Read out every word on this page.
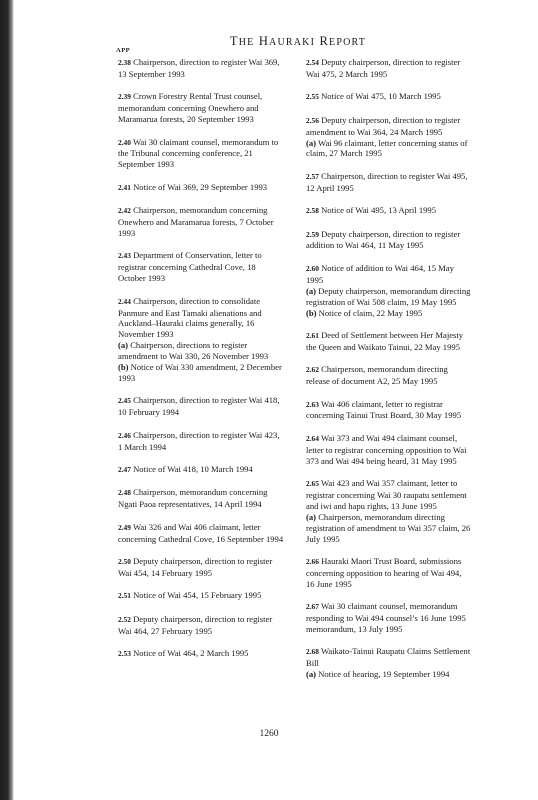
THE HAURAKI REPORT
APP

2.38 Chairperson, direction to register Wai 369, 13 September 1993

2.39 Crown Forestry Rental Trust counsel, memorandum concerning Onewhero and Maramarua forests, 20 September 1993

2.40 Wai 30 claimant counsel, memorandum to the Tribunal concerning conference, 21 September 1993

2.41 Notice of Wai 369, 29 September 1993

2.42 Chairperson, memorandum concerning Onewhero and Maramarua forests, 7 October 1993

2.43 Department of Conservation, letter to registrar concerning Cathedral Cove, 18 October 1993

2.44 Chairperson, direction to consolidate Panmure and East Tamaki alienations and Auckland–Hauraki claims generally, 16 November 1993
(a) Chairperson, directions to register amendment to Wai 330, 26 November 1993
(b) Notice of Wai 330 amendment, 2 December 1993

2.45 Chairperson, direction to register Wai 418, 10 February 1994

2.46 Chairperson, direction to register Wai 423, 1 March 1994

2.47 Notice of Wai 418, 10 March 1994

2.48 Chairperson, memorandum concerning Ngati Paoa representatives, 14 April 1994

2.49 Wai 326 and Wai 406 claimant, letter concerning Cathedral Cove, 16 September 1994

2.50 Deputy chairperson, direction to register Wai 454, 14 February 1995

2.51 Notice of Wai 454, 15 February 1995

2.52 Deputy chairperson, direction to register Wai 464, 27 February 1995

2.53 Notice of Wai 464, 2 March 1995

2.54 Deputy chairperson, direction to register Wai 475, 2 March 1995

2.55 Notice of Wai 475, 10 March 1995

2.56 Deputy chairperson, direction to register amendment to Wai 364, 24 March 1995
(a) Wai 96 claimant, letter concerning status of claim, 27 March 1995

2.57 Chairperson, direction to register Wai 495, 12 April 1995

2.58 Notice of Wai 495, 13 April 1995

2.59 Deputy chairperson, direction to register addition to Wai 464, 11 May 1995

2.60 Notice of addition to Wai 464, 15 May 1995
(a) Deputy chairperson, memorandum directing registration of Wai 508 claim, 19 May 1995
(b) Notice of claim, 22 May 1995

2.61 Deed of Settlement between Her Majesty the Queen and Waikato Tainui, 22 May 1995

2.62 Chairperson, memorandum directing release of document A2, 25 May 1995

2.63 Wai 406 claimant, letter to registrar concerning Tainui Trust Board, 30 May 1995

2.64 Wai 373 and Wai 494 claimant counsel, letter to registrar concerning opposition to Wai 373 and Wai 494 being heard, 31 May 1995

2.65 Wai 423 and Wai 357 claimant, letter to registrar concerning Wai 30 raupatu settlement and iwi and hapu rights, 13 June 1995
(a) Chairperson, memorandum directing registration of amendment to Wai 357 claim, 26 July 1995

2.66 Hauraki Maori Trust Board, submissions concerning opposition to hearing of Wai 494, 16 June 1995

2.67 Wai 30 claimant counsel, memorandum responding to Wai 494 counsel’s 16 June 1995 memorandum, 13 July 1995

2.68 Waikato-Tainui Raupatu Claims Settlement Bill
(a) Notice of hearing, 19 September 1994

1260
